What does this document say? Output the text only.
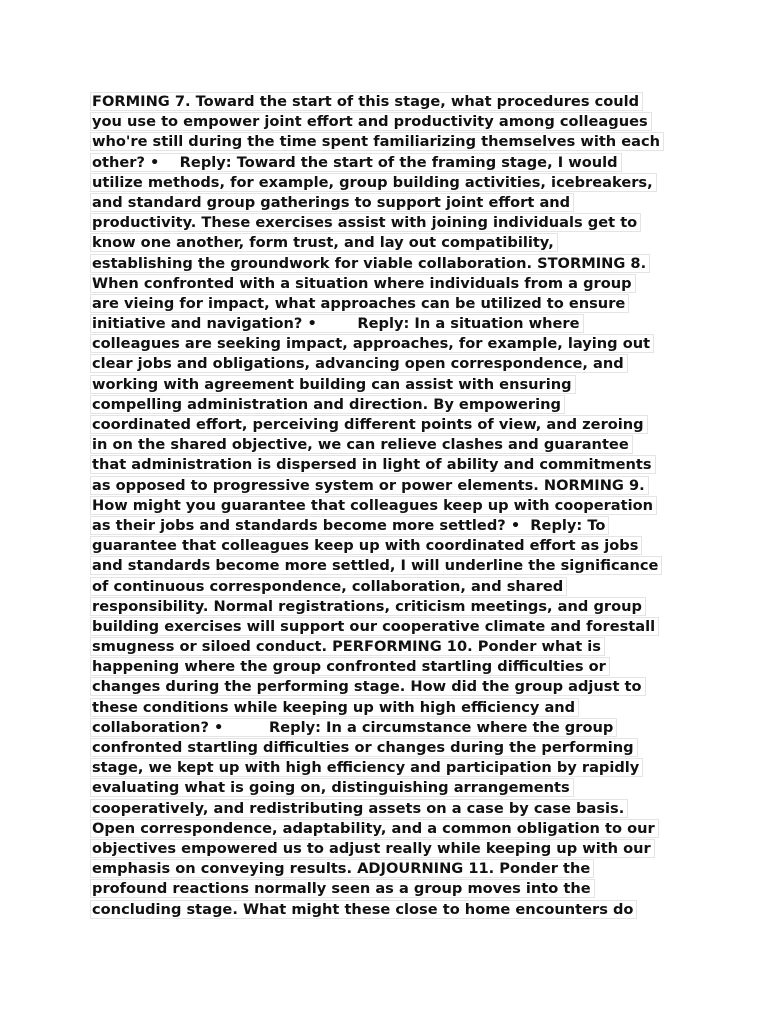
FORMING 7. Toward the start of this stage, what procedures could
you use to empower joint effort and productivity among colleagues
who're still during the time spent familiarizing themselves with each
other? •    Reply: Toward the start of the framing stage, I would
utilize methods, for example, group building activities, icebreakers,
and standard group gatherings to support joint effort and
productivity. These exercises assist with joining individuals get to
know one another, form trust, and lay out compatibility,
establishing the groundwork for viable collaboration. STORMING 8.
When confronted with a situation where individuals from a group
are vieing for impact, what approaches can be utilized to ensure
initiative and navigation? •        Reply: In a situation where
colleagues are seeking impact, approaches, for example, laying out
clear jobs and obligations, advancing open correspondence, and
working with agreement building can assist with ensuring
compelling administration and direction. By empowering
coordinated effort, perceiving different points of view, and zeroing
in on the shared objective, we can relieve clashes and guarantee
that administration is dispersed in light of ability and commitments
as opposed to progressive system or power elements. NORMING 9.
How might you guarantee that colleagues keep up with cooperation
as their jobs and standards become more settled? •  Reply: To
guarantee that colleagues keep up with coordinated effort as jobs
and standards become more settled, I will underline the significance
of continuous correspondence, collaboration, and shared
responsibility. Normal registrations, criticism meetings, and group
building exercises will support our cooperative climate and forestall
smugness or siloed conduct. PERFORMING 10. Ponder what is
happening where the group confronted startling difficulties or
changes during the performing stage. How did the group adjust to
these conditions while keeping up with high efficiency and
collaboration? •         Reply: In a circumstance where the group
confronted startling difficulties or changes during the performing
stage, we kept up with high efficiency and participation by rapidly
evaluating what is going on, distinguishing arrangements
cooperatively, and redistributing assets on a case by case basis.
Open correspondence, adaptability, and a common obligation to our
objectives empowered us to adjust really while keeping up with our
emphasis on conveying results. ADJOURNING 11. Ponder the
profound reactions normally seen as a group moves into the
concluding stage. What might these close to home encounters do
